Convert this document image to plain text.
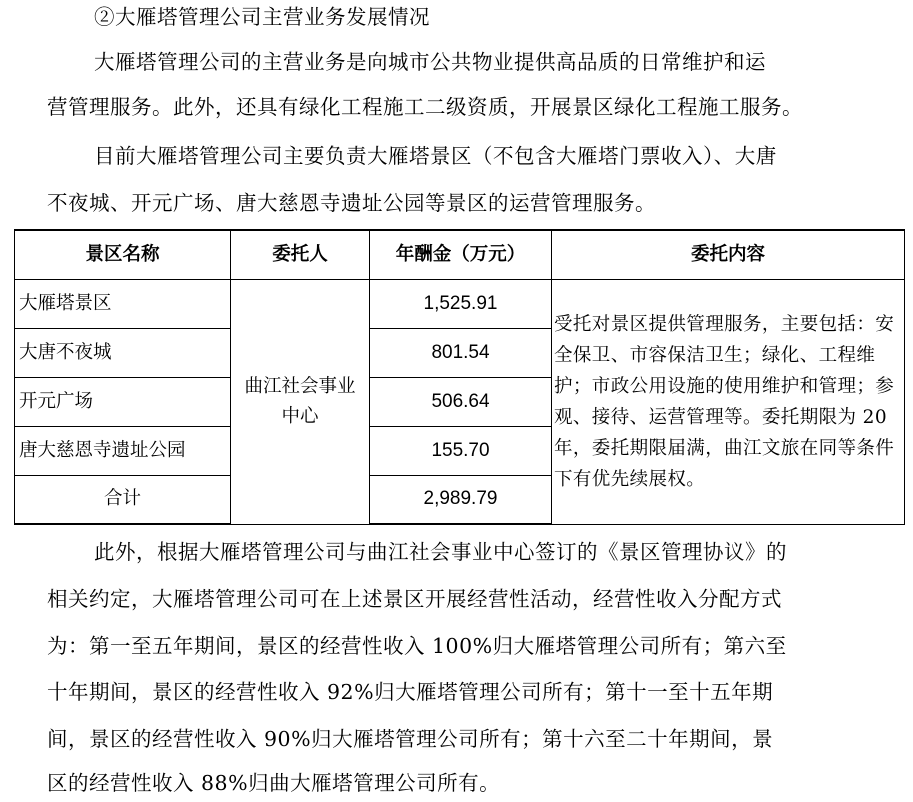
②大雁塔管理公司主营业务发展情况
大雁塔管理公司的主营业务是向城市公共物业提供高品质的日常维护和运
营管理服务。此外，还具有绿化工程施工二级资质，开展景区绿化工程施工服务。
目前大雁塔管理公司主要负责大雁塔景区（不包含大雁塔门票收入）、大唐
不夜城、开元广场、唐大慈恩寺遗址公园等景区的运营管理服务。
景区名称	委托人	年酬金（万元）	委托内容
大雁塔景区	曲江社会事业中心	1,525.91	受托对景区提供管理服务，主要包括：安全保卫、市容保洁卫生；绿化、工程维护；市政公用设施的使用维护和管理；参观、接待、运营管理等。委托期限为 20 年，委托期限届满，曲江文旅在同等条件下有优先续展权。
大唐不夜城		801.54	
开元广场		506.64	
唐大慈恩寺遗址公园		155.70	
合计		2,989.79	
此外，根据大雁塔管理公司与曲江社会事业中心签订的《景区管理协议》的
相关约定，大雁塔管理公司可在上述景区开展经营性活动，经营性收入分配方式
为：第一至五年期间，景区的经营性收入 100%归大雁塔管理公司所有；第六至
十年期间，景区的经营性收入 92%归大雁塔管理公司所有；第十一至十五年期
间，景区的经营性收入 90%归大雁塔管理公司所有；第十六至二十年期间，景
区的经营性收入 88%归曲大雁塔管理公司所有。
